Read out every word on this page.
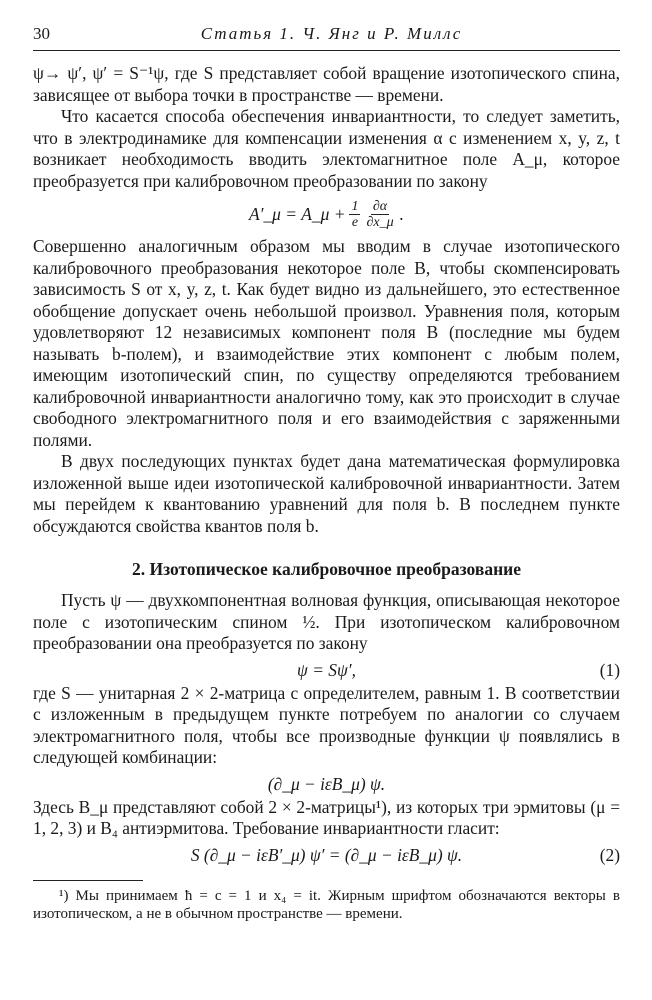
30	Статья 1. Ч. Янг и Р. Миллс

ψ→ ψ′, ψ′ = S⁻¹ψ, где S представляет собой вращение изотопического спина, зависящее от выбора точки в пространстве — времени.

Что касается способа обеспечения инвариантности, то следует заметить, что в электродинамике для компенсации изменения α с изменением x, y, z, t возникает необходимость вводить электомагнитное поле A_μ, которое преобразуется при калибровочном преобразовании по закону

A′_μ = A_μ + $\frac{1}{e} \frac{\partial\alpha}{\partial x\_\mu}$ .

Совершенно аналогичным образом мы вводим в случае изотопического калибровочного преобразования некоторое поле B, чтобы скомпенсировать зависимость S от x, y, z, t. Как будет видно из дальнейшего, это естественное обобщение допускает очень небольшой произвол. Уравнения поля, которым удовлетворяют 12 независимых компонент поля B (последние мы будем называть b-полем), и взаимодействие этих компонент с любым полем, имеющим изотопический спин, по существу определяются требованием калибровочной инвариантности аналогично тому, как это происходит в случае свободного электромагнитного поля и его взаимодействия с заряженными полями.

В двух последующих пунктах будет дана математическая формулировка изложенной выше идеи изотопической калибровочной инвариантности. Затем мы перейдем к квантованию уравнений для поля b. В последнем пункте обсуждаются свойства квантов поля b.

2. Изотопическое калибровочное преобразование

Пусть ψ — двухкомпонентная волновая функция, описывающая некоторое поле с изотопическим спином ½. При изотопическом калибровочном преобразовании она преобразуется по закону

ψ = Sψ′,	(1)

где S — унитарная 2 × 2-матрица с определителем, равным 1. В соответствии с изложенным в предыдущем пункте потребуем по аналогии со случаем электромагнитного поля, чтобы все производные функции ψ появлялись в следующей комбинации:

(∂_μ − iεB_μ) ψ.

Здесь B_μ представляют собой 2 × 2-матрицы¹), из которых три эрмитовы (μ = 1, 2, 3) и B₄ антиэрмитова. Требование инвариантности гласит:

S (∂_μ − iεB′_μ) ψ′ = (∂_μ − iεB_μ) ψ.	(2)

¹) Мы принимаем ħ = c = 1 и x₄ = it. Жирным шрифтом обозначаются векторы в изотопическом, а не в обычном пространстве — времени.
